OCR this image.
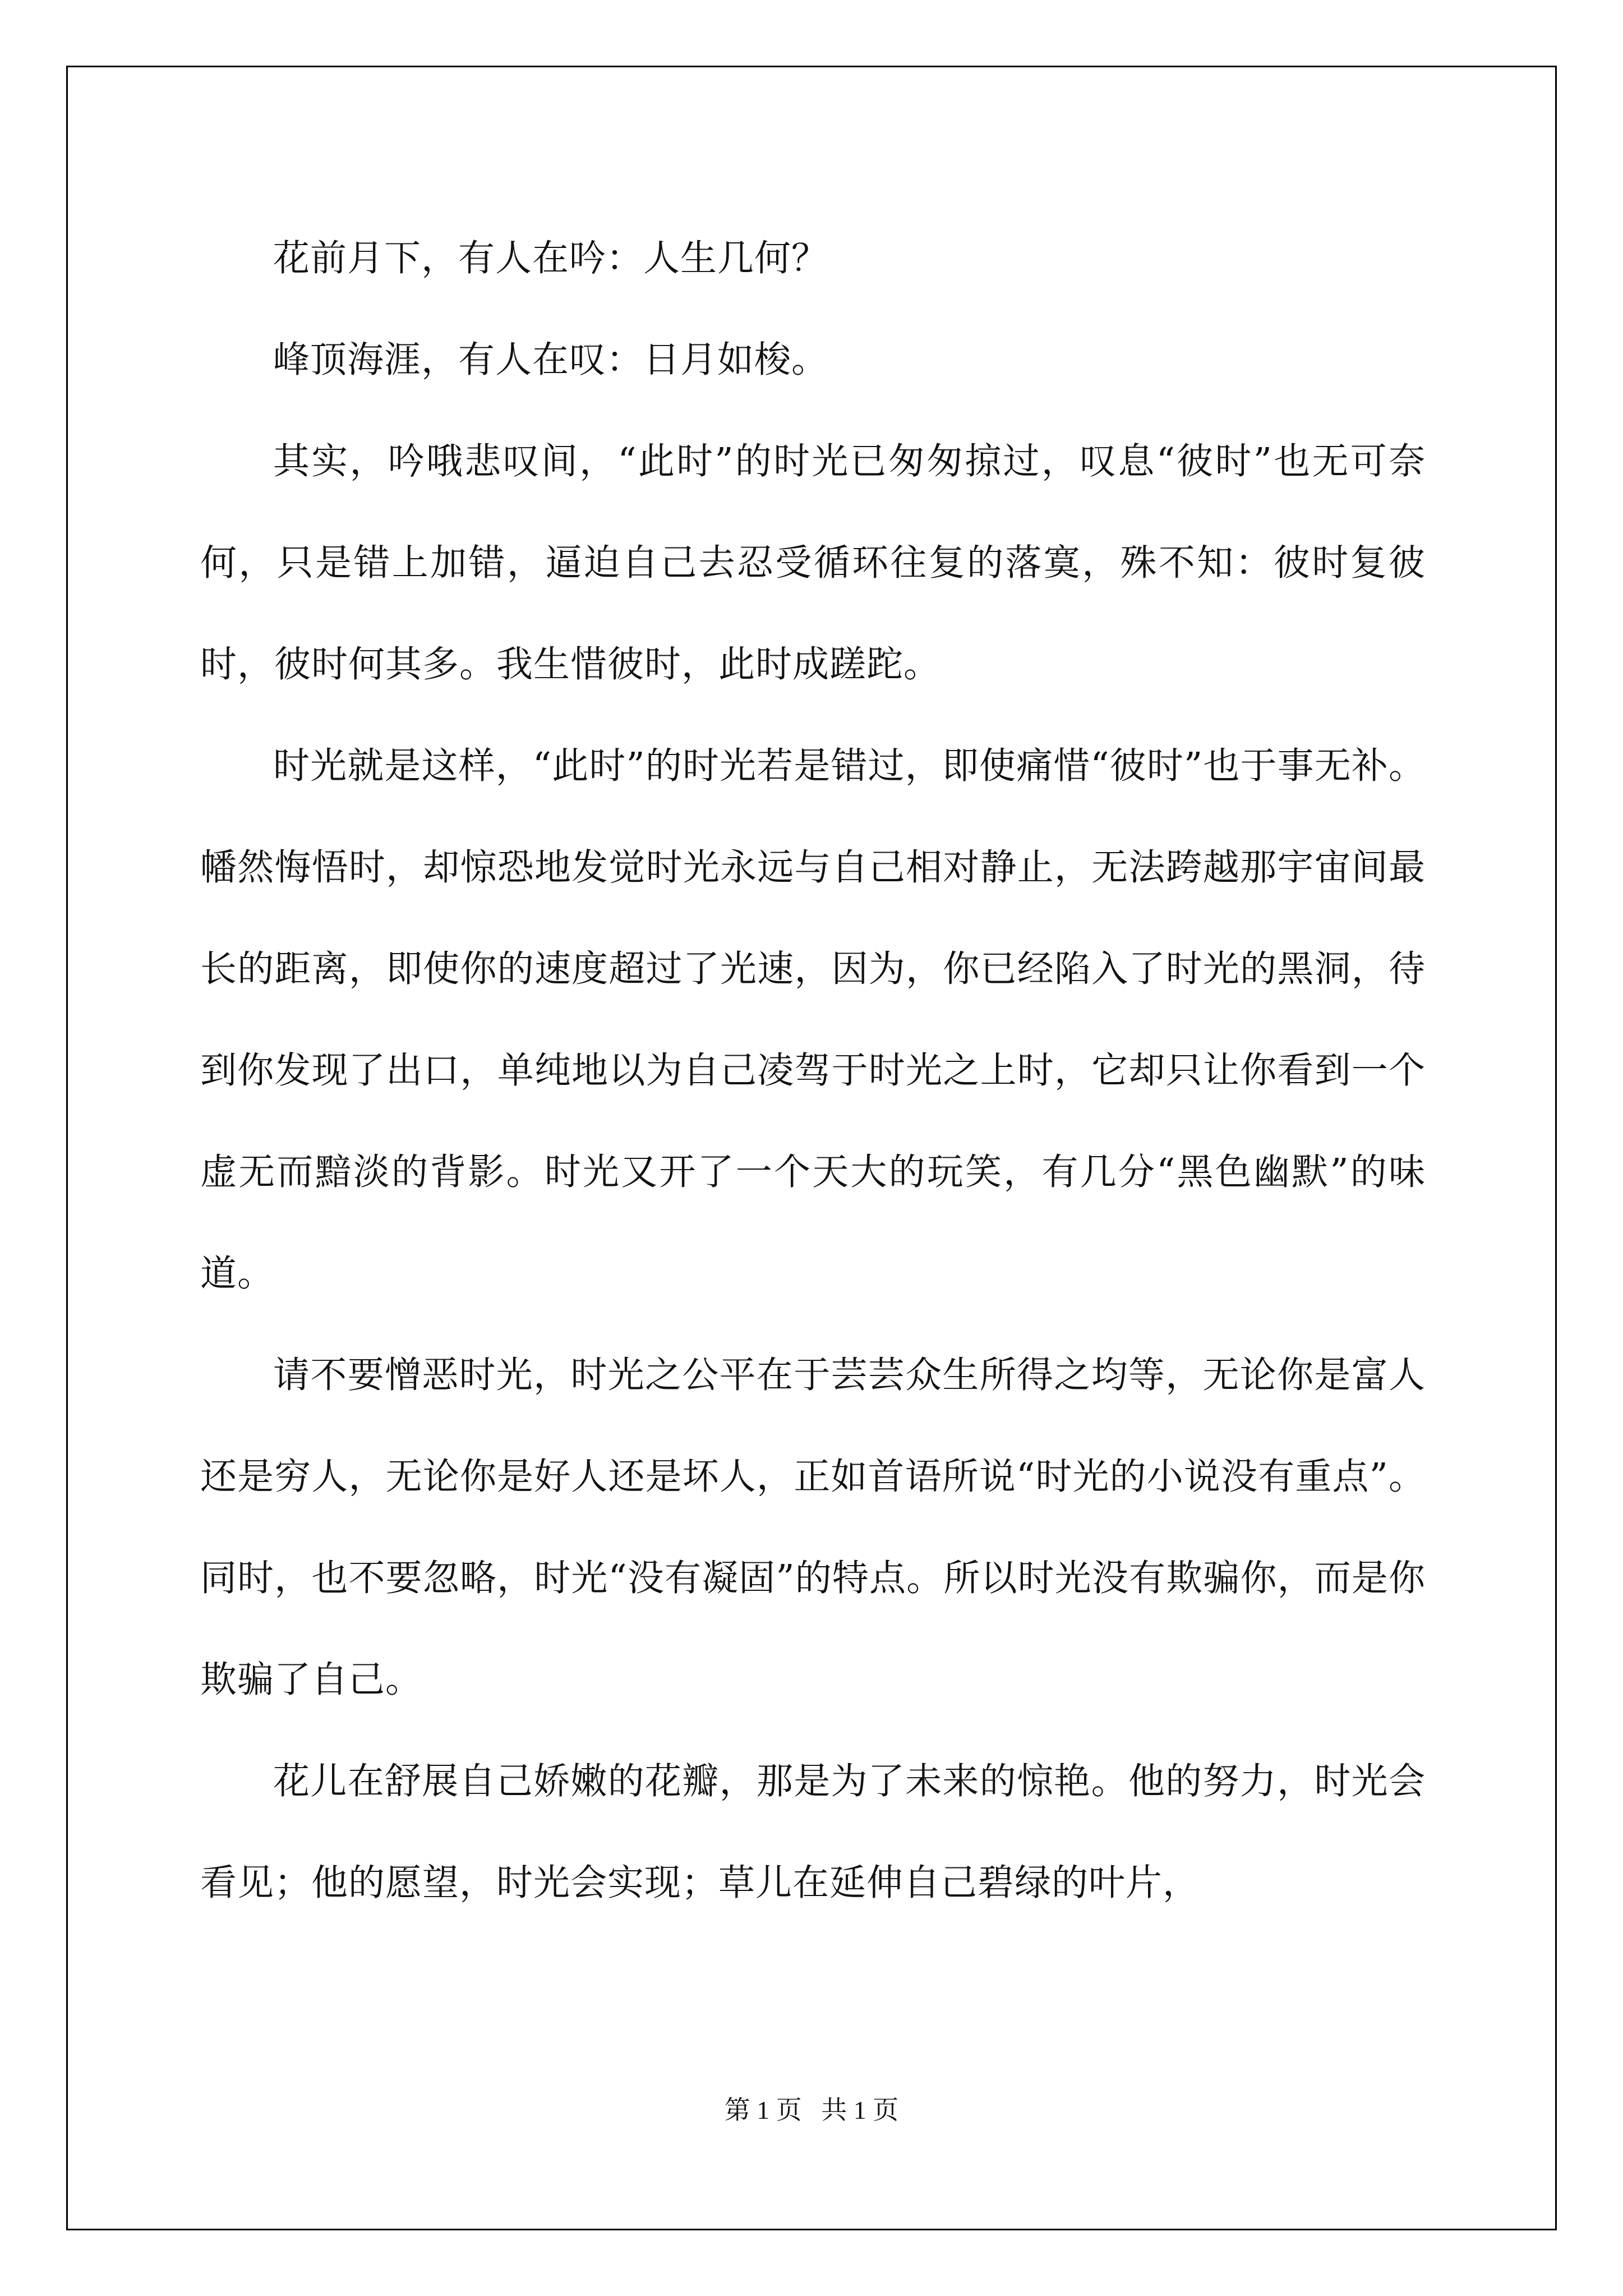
花前月下，有人在吟：人生几何？

峰顶海涯，有人在叹：日月如梭。

其实，吟哦悲叹间，“此时”的时光已匆匆掠过，叹息“彼时”也无可奈何，只是错上加错，逼迫自己去忍受循环往复的落寞，殊不知：彼时复彼时，彼时何其多。我生惜彼时，此时成蹉跎。

时光就是这样，“此时”的时光若是错过，即使痛惜“彼时”也于事无补。幡然悔悟时，却惊恐地发觉时光永远与自己相对静止，无法跨越那宇宙间最长的距离，即使你的速度超过了光速，因为，你已经陷入了时光的黑洞，待到你发现了出口，单纯地以为自己凌驾于时光之上时，它却只让你看到一个虚无而黯淡的背影。时光又开了一个天大的玩笑，有几分“黑色幽默”的味道。

请不要憎恶时光，时光之公平在于芸芸众生所得之均等，无论你是富人还是穷人，无论你是好人还是坏人，正如首语所说“时光的小说没有重点”。同时，也不要忽略，时光“没有凝固”的特点。所以时光没有欺骗你，而是你欺骗了自己。

花儿在舒展自己娇嫩的花瓣，那是为了未来的惊艳。他的努力，时光会看见；他的愿望，时光会实现；草儿在延伸自己碧绿的叶片，

第 1 页   共 1 页
